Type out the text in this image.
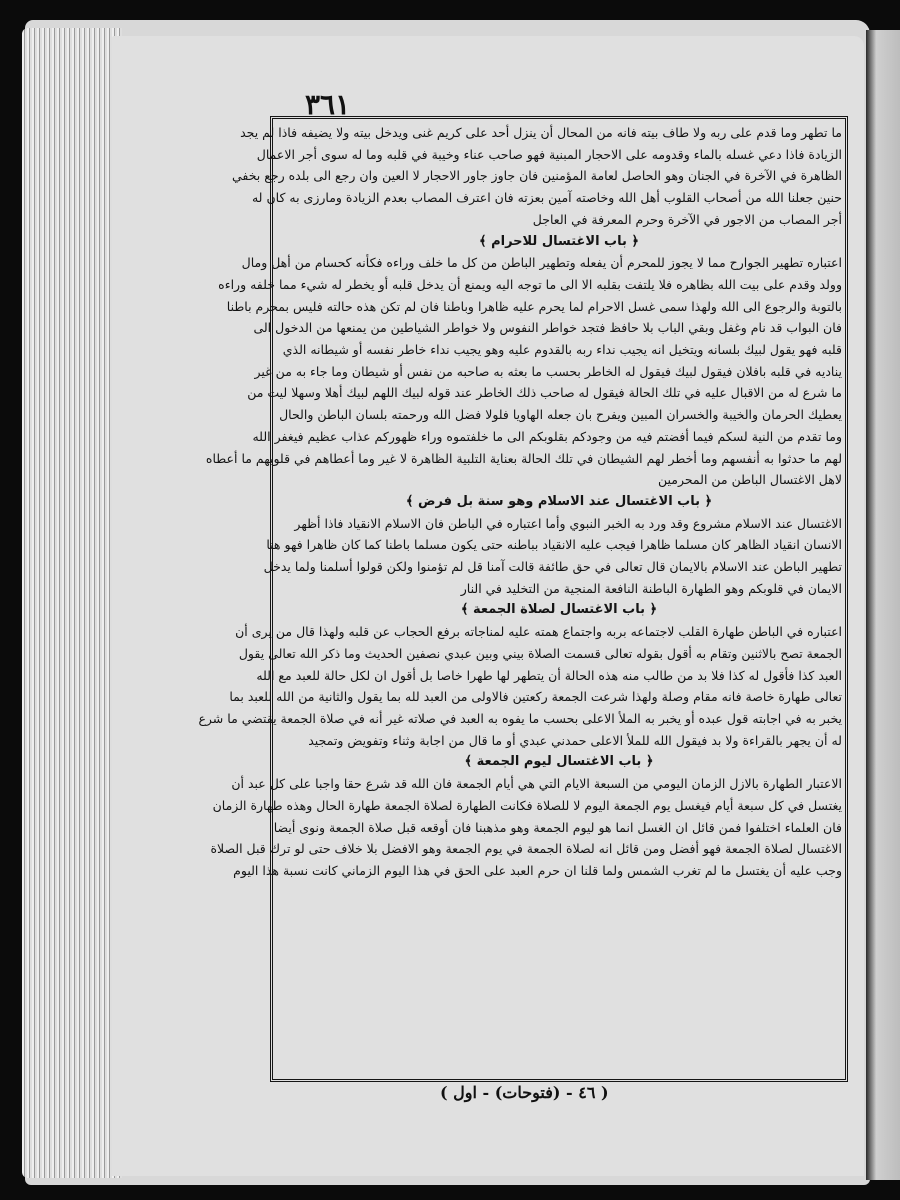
٣٦١
ما تطهر وما قدم على ربه ولا طاف بيته فانه من المحال أن ينزل أحد على كريم غنى ويدخل بيته ولا يضيفه فاذا لم يجد
الزيادة فاذا دعي غسله بالماء وقدومه على الاحجار المبنية فهو صاحب عناء وخيبة في قلبه وما له سوى أجر الاعمال
الظاهرة في الآخرة في الجنان وهو الحاصل لعامة المؤمنين فان جاوز جاور الاحجار لا العين وان رجع الى بلده رجع بخفي
حنين جعلنا الله من أصحاب القلوب أهل الله وخاصته آمين بعزته فان اعترف المصاب بعدم الزيادة ومارزى به كان له
أجر المصاب من الاجور في الآخرة وحرم المعرفة في العاجل
﴿ باب الاغتسال للاحرام ﴾
اعتباره تطهير الجوارح مما لا يجوز للمحرم أن يفعله وتطهير الباطن من كل ما خلف وراءه فكأنه كحسام من أهل ومال
وولد وقدم على بيت الله بظاهره فلا يلتفت بقلبه الا الى ما توجه اليه ويمنع أن يدخل قلبه أو يخطر له شيء مما خلفه وراءه
بالتوبة والرجوع الى الله ولهذا سمى غسل الاحرام لما يحرم عليه ظاهرا وباطنا فان لم تكن هذه حالته فليس بمحرم باطنا
فان البواب قد نام وغفل وبقي الباب بلا حافظ فتجد خواطر النفوس ولا خواطر الشياطين من يمنعها من الدخول الى
قلبه فهو يقول لبيك بلسانه ويتخيل انه يجيب نداء ربه بالقدوم عليه وهو يجيب نداء خاطر نفسه أو شيطانه الذي
يناديه في قلبه بافلان فيقول لبيك فيقول له الخاطر بحسب ما بعثه به صاحبه من نفس أو شيطان وما جاء به من غير
ما شرع له من الاقبال عليه في تلك الحالة فيقول له صاحب ذلك الخاطر عند قوله لبيك اللهم لبيك أهلا وسهلا ليت من
يعطيك الحرمان والخيبة والخسران المبين ويفرح بان جعله الهاويا فلولا فضل الله ورحمته بلسان الباطن والحال
وما تقدم من النية لسكم فيما أفضتم فيه من وجودكم بقلوبكم الى ما خلفتموه وراء ظهوركم عذاب عظيم فيغفر الله
لهم ما حدثوا به أنفسهم وما أخطر لهم الشيطان في تلك الحالة بعناية التلبية الظاهرة لا غير وما أعطاهم في قلوبهم ما أعطاه
لاهل الاغتسال الباطن من المحرمين
﴿ باب الاغتسال عند الاسلام وهو سنة بل فرض ﴾
الاغتسال عند الاسلام مشروع وقد ورد به الخبر النبوي وأما اعتباره في الباطن فان الاسلام الانقياد فاذا أظهر
الانسان انقياد الظاهر كان مسلما ظاهرا فيجب عليه الانقياد بباطنه حتى يكون مسلما باطنا كما كان ظاهرا فهو هنا
تطهير الباطن عند الاسلام بالايمان قال تعالى في حق طائفة قالت آمنا قل لم تؤمنوا ولكن قولوا أسلمنا ولما يدخل
الايمان في قلوبكم وهو الطهارة الباطنة النافعة المنجية من التخليد في النار
﴿ باب الاغتسال لصلاة الجمعة ﴾
اعتباره في الباطن طهارة القلب لاجتماعه بربه واجتماع همته عليه لمناجاته برفع الحجاب عن قلبه ولهذا قال من يرى أن
الجمعة تصح بالاثنين وتقام به أقول بقوله تعالى قسمت الصلاة بيني وبين عبدي نصفين الحديث وما ذكر الله تعالى يقول
العبد كذا فأقول له كذا فلا بد من طالب منه هذه الحالة أن يتطهر لها طهرا خاصا بل أقول ان لكل حالة للعبد مع الله
تعالى طهارة خاصة فانه مقام وصلة ولهذا شرعت الجمعة ركعتين فالاولى من العبد لله بما يقول والثانية من الله للعبد بما
يخبر به في اجابته قول عبده أو يخبر به الملأ الاعلى بحسب ما يفوه به العبد في صلاته غير أنه في صلاة الجمعة يقتضي ما شرع
له أن يجهر بالقراءة ولا بد فيقول الله للملأ الاعلى حمدني عبدي أو ما قال من اجابة وثناء وتفويض وتمجيد
﴿ باب الاغتسال ليوم الجمعة ﴾
الاعتبار الطهارة بالازل الزمان اليومي من السبعة الايام التي هي أيام الجمعة فان الله قد شرع حقا واجبا على كل عبد أن
يغتسل في كل سبعة أيام فيغسل يوم الجمعة اليوم لا للصلاة فكانت الطهارة لصلاة الجمعة طهارة الحال وهذه طهارة الزمان
فان العلماء اختلفوا فمن قائل ان الغسل انما هو ليوم الجمعة وهو مذهبنا فان أوقعه قبل صلاة الجمعة ونوى أيضا
الاغتسال لصلاة الجمعة فهو أفضل ومن قائل انه لصلاة الجمعة في يوم الجمعة وهو الافضل بلا خلاف حتى لو ترك قبل الصلاة
وجب عليه أن يغتسل ما لم تغرب الشمس ولما قلنا ان حرم العبد على الحق في هذا اليوم الزماني كانت نسبة هذا اليوم
( ٤٦ - (فتوحات) - اول )
